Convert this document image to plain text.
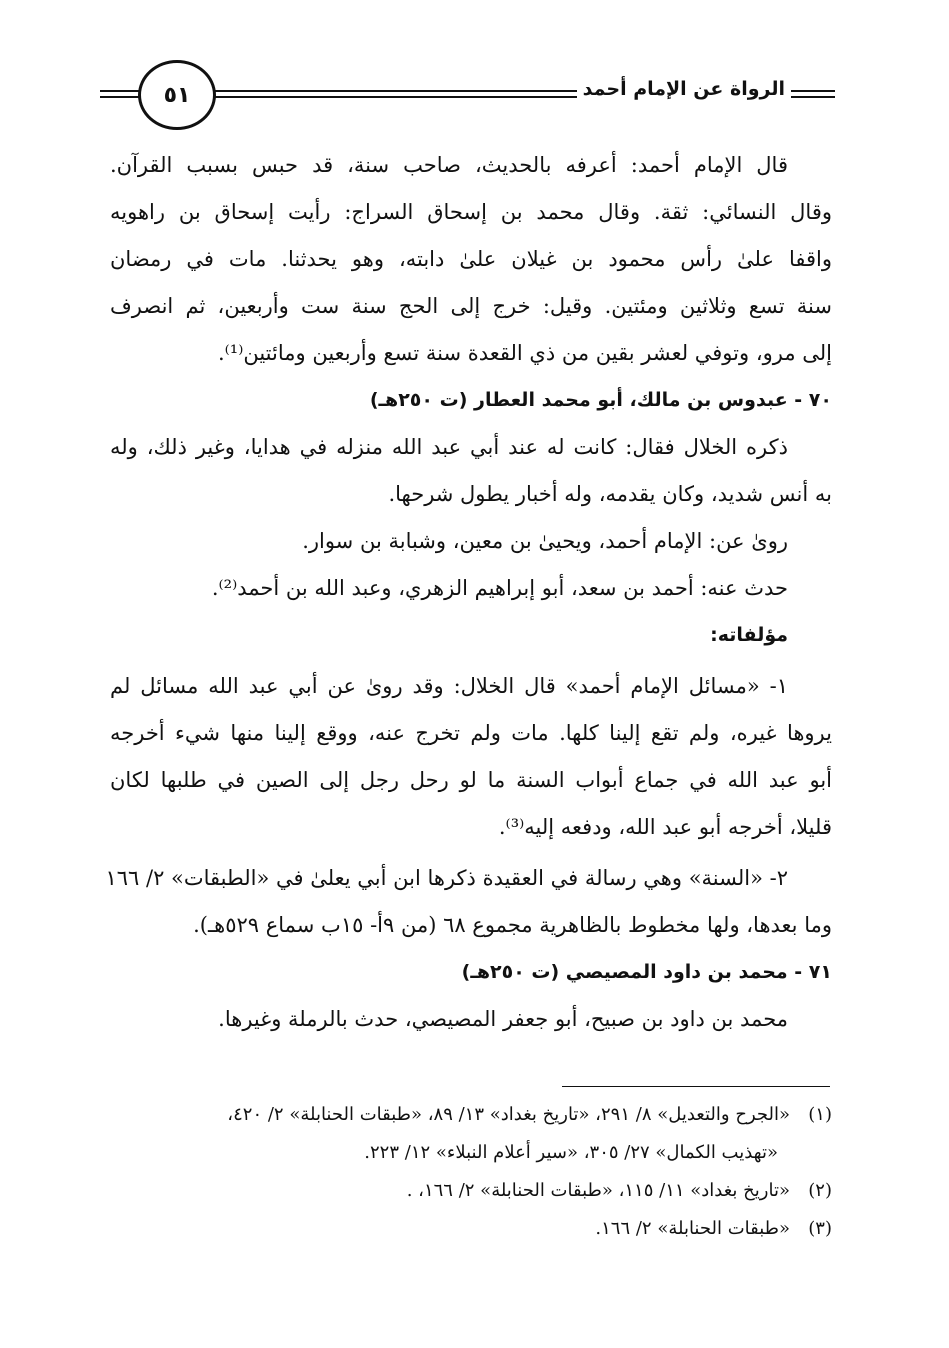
الرواة عن الإمام أحمد
٥١
قال الإمام أحمد: أعرفه بالحديث، صاحب سنة، قد حبس بسبب القرآن.
وقال النسائي: ثقة. وقال محمد بن إسحاق السراج: رأيت إسحاق بن راهويه
واقفا علىٰ رأس محمود بن غيلان علىٰ دابته، وهو يحدثنا. مات في رمضان
سنة تسع وثلاثين ومئتين. وقيل: خرج إلى الحج سنة ست وأربعين، ثم انصرف
إلى مرو، وتوفي لعشر بقين من ذي القعدة سنة تسع وأربعين ومائتين⁽¹⁾.
٧٠ - عبدوس بن مالك، أبو محمد العطار (ت ٢٥٠هـ)
ذكره الخلال فقال: كانت له عند أبي عبد الله منزله في هدايا، وغير ذلك، وله
به أنس شديد، وكان يقدمه، وله أخبار يطول شرحها.
روىٰ عن: الإمام أحمد، ويحيىٰ بن معين، وشبابة بن سوار.
حدث عنه: أحمد بن سعد، أبو إبراهيم الزهري، وعبد الله بن أحمد⁽²⁾.
مؤلفاته:
١- «مسائل الإمام أحمد» قال الخلال: وقد روىٰ عن أبي عبد الله مسائل لم
يروها غيره، ولم تقع إلينا كلها. مات ولم تخرج عنه، ووقع إلينا منها شيء أخرجه
أبو عبد الله في جماع أبواب السنة ما لو رحل رجل إلى الصين في طلبها لكان
قليلا، أخرجه أبو عبد الله، ودفعه إليه⁽³⁾.
٢- «السنة» وهي رسالة في العقيدة ذكرها ابن أبي يعلىٰ في «الطبقات» ٢/ ١٦٦
وما بعدها، ولها مخطوط بالظاهرية مجموع ٦٨ (من ٩أ- ١٥ب سماع ٥٢٩هـ).
٧١ - محمد بن داود المصيصي (ت ٢٥٠هـ)
محمد بن داود بن صبيح، أبو جعفر المصيصي، حدث بالرملة وغيرها.
(١)
«الجرح والتعديل» ٨/ ٢٩١، «تاريخ بغداد» ١٣/ ٨٩، «طبقات الحنابلة» ٢/ ٤٢٠،
«تهذيب الكمال» ٢٧/ ٣٠٥، «سير أعلام النبلاء» ١٢/ ٢٢٣.
(٢)
«تاريخ بغداد» ١١/ ١١٥، «طبقات الحنابلة» ٢/ ١٦٦، .
(٣)
«طبقات الحنابلة» ٢/ ١٦٦.
